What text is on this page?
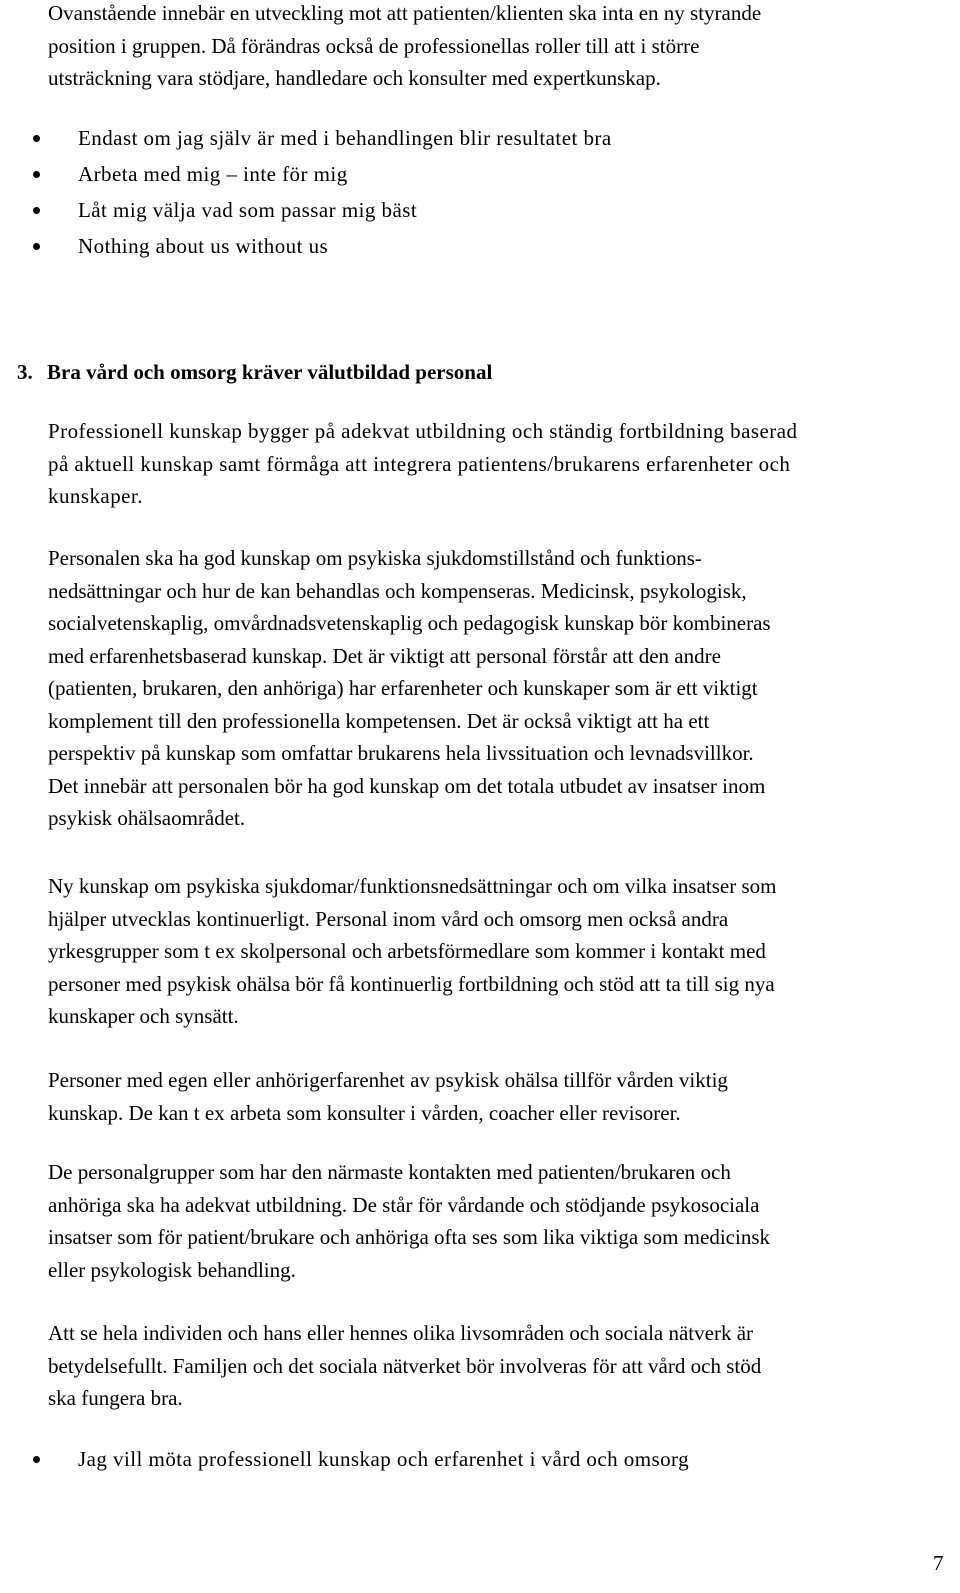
Ovanstående innebär en utveckling mot att patienten/klienten ska inta en ny styrande
position i gruppen. Då förändras också de professionellas roller till att i större
utsträckning vara stödjare, handledare och konsulter med expertkunskap.
Endast om jag själv är med i behandlingen blir resultatet bra
Arbeta med mig – inte för mig
Låt mig välja vad som passar mig bäst
Nothing about us without us
3. Bra vård och omsorg kräver välutbildad personal
Professionell kunskap bygger på adekvat utbildning och ständig fortbildning baserad
på aktuell kunskap samt förmåga att integrera patientens/brukarens erfarenheter och
kunskaper.
Personalen ska ha god kunskap om psykiska sjukdomstillstånd och funktions-
nedsättningar och hur de kan behandlas och kompenseras. Medicinsk, psykologisk,
socialvetenskaplig, omvårdnadsvetenskaplig och pedagogisk kunskap bör kombineras
med erfarenhetsbaserad kunskap. Det är viktigt att personal förstår att den andre
(patienten, brukaren, den anhöriga) har erfarenheter och kunskaper som är ett viktigt
komplement till den professionella kompetensen. Det är också viktigt att ha ett
perspektiv på kunskap som omfattar brukarens hela livssituation och levnadsvillkor.
Det innebär att personalen bör ha god kunskap om det totala utbudet av insatser inom
psykisk ohälsaområdet.
Ny kunskap om psykiska sjukdomar/funktionsnedsättningar och om vilka insatser som
hjälper utvecklas kontinuerligt. Personal inom vård och omsorg men också andra
yrkesgrupper som t ex skolpersonal och arbetsförmedlare som kommer i kontakt med
personer med psykisk ohälsa bör få kontinuerlig fortbildning och stöd att ta till sig nya
kunskaper och synsätt.
Personer med egen eller anhörigerfarenhet av psykisk ohälsa tillför vården viktig
kunskap. De kan t ex arbeta som konsulter i vården, coacher eller revisorer.
De personalgrupper som har den närmaste kontakten med patienten/brukaren och
anhöriga ska ha adekvat utbildning. De står för vårdande och stödjande psykosociala
insatser som för patient/brukare och anhöriga ofta ses som lika viktiga som medicinsk
eller psykologisk behandling.
Att se hela individen och hans eller hennes olika livsområden och sociala nätverk är
betydelsefullt. Familjen och det sociala nätverket bör involveras för att vård och stöd
ska fungera bra.
Jag vill möta professionell kunskap och erfarenhet i vård och omsorg
7
